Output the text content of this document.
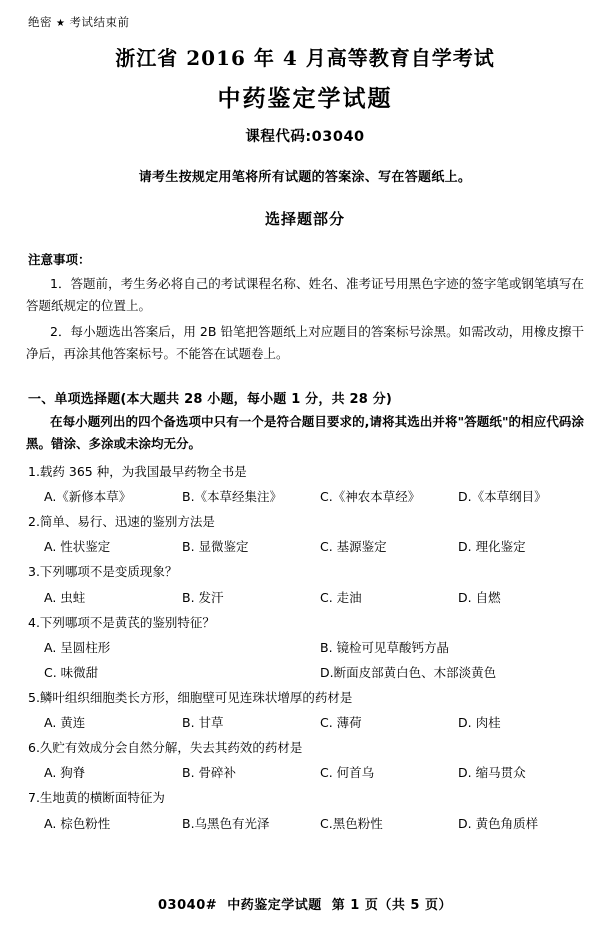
绝密 ★ 考试结束前
浙江省 2016 年 4 月高等教育自学考试
中药鉴定学试题
课程代码:03040
请考生按规定用笔将所有试题的答案涂、写在答题纸上。
选择题部分
注意事项：
1．答题前，考生务必将自己的考试课程名称、姓名、准考证号用黑色字迹的签字笔或钢笔填写在答题纸规定的位置上。
2．每小题选出答案后，用 2B 铅笔把答题纸上对应题目的答案标号涂黑。如需改动，用橡皮擦干净后，再涂其他答案标号。不能答在试题卷上。
一、单项选择题(本大题共 28 小题，每小题 1 分，共 28 分)
在每小题列出的四个备选项中只有一个是符合题目要求的,请将其选出并将"答题纸"的相应代码涂黑。错涂、多涂或未涂均无分。
1.载药 365 种，为我国最早药物全书是
A.《新修本草》	B.《本草经集注》	C.《神农本草经》	D.《本草纲目》
2.简单、易行、迅速的鉴别方法是
A. 性状鉴定	B. 显微鉴定	C. 基源鉴定	D. 理化鉴定
3.下列哪项不是变质现象？
A. 虫蛀	B. 发汗	C. 走油	D. 自燃
4.下列哪项不是黄芪的鉴别特征？
A. 呈圆柱形	B. 镜检可见草酸钙方晶
C. 味微甜	D.断面皮部黄白色、木部淡黄色
5.鳞叶组织细胞类长方形，细胞壁可见连珠状增厚的药材是
A. 黄连	B. 甘草	C. 薄荷	D. 肉桂
6.久贮有效成分会自然分解，失去其药效的药材是
A. 狗脊	B. 骨碎补	C. 何首乌	D. 缩马贯众
7.生地黄的横断面特征为
A. 棕色粉性	B.乌黑色有光泽	C.黑色粉性	D. 黄色角质样
03040# 中药鉴定学试题 第 1 页（共 5 页）
